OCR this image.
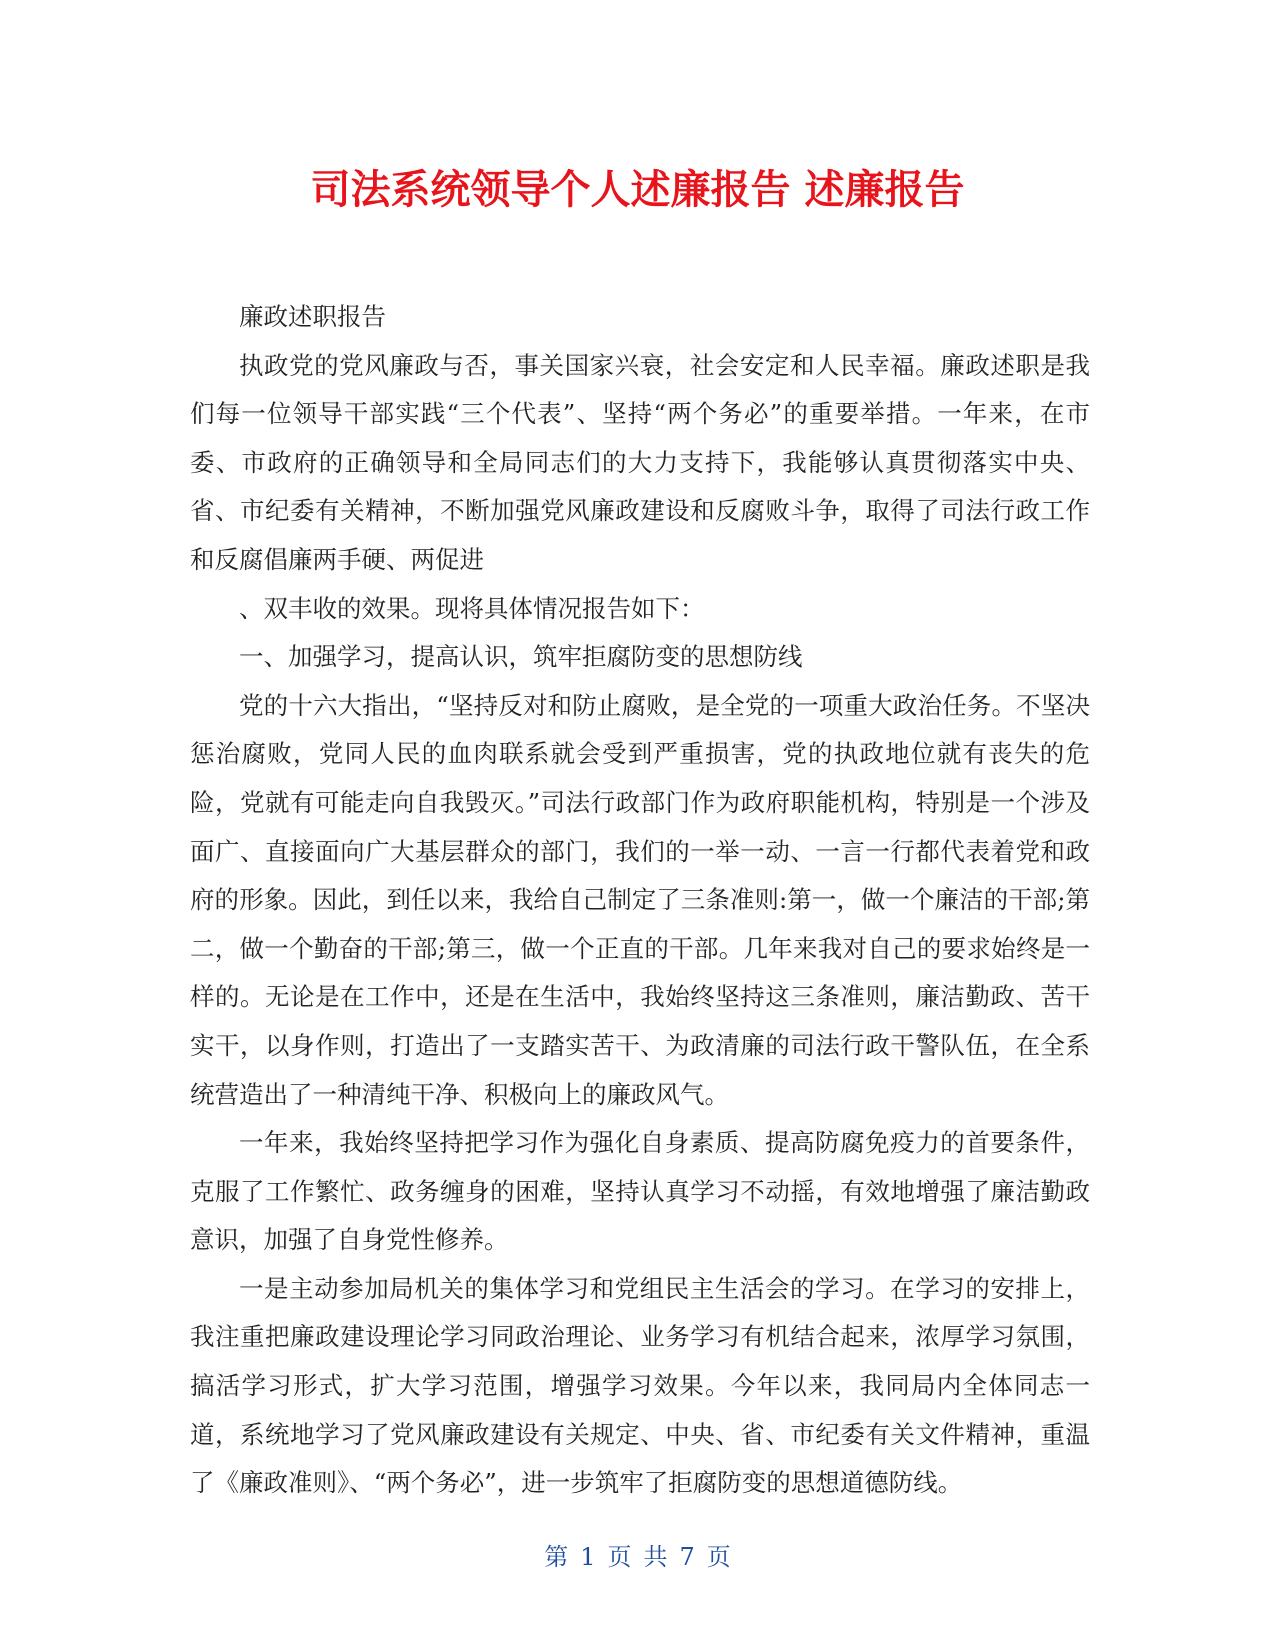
司法系统领导个人述廉报告 述廉报告

廉政述职报告

执政党的党风廉政与否，事关国家兴衰，社会安定和人民幸福。廉政述职是我们每一位领导干部实践“三个代表”、坚持“两个务必”的重要举措。一年来，在市委、市政府的正确领导和全局同志们的大力支持下，我能够认真贯彻落实中央、省、市纪委有关精神，不断加强党风廉政建设和反腐败斗争，取得了司法行政工作和反腐倡廉两手硬、两促进

、双丰收的效果。现将具体情况报告如下：

一、加强学习，提高认识，筑牢拒腐防变的思想防线

党的十六大指出，“坚持反对和防止腐败，是全党的一项重大政治任务。不坚决惩治腐败，党同人民的血肉联系就会受到严重损害，党的执政地位就有丧失的危险，党就有可能走向自我毁灭。”司法行政部门作为政府职能机构，特别是一个涉及面广、直接面向广大基层群众的部门，我们的一举一动、一言一行都代表着党和政府的形象。因此，到任以来，我给自己制定了三条准则:第一，做一个廉洁的干部;第二，做一个勤奋的干部;第三，做一个正直的干部。几年来我对自己的要求始终是一样的。无论是在工作中，还是在生活中，我始终坚持这三条准则，廉洁勤政、苦干实干，以身作则，打造出了一支踏实苦干、为政清廉的司法行政干警队伍，在全系统营造出了一种清纯干净、积极向上的廉政风气。

一年来，我始终坚持把学习作为强化自身素质、提高防腐免疫力的首要条件，克服了工作繁忙、政务缠身的困难，坚持认真学习不动摇，有效地增强了廉洁勤政意识，加强了自身党性修养。

一是主动参加局机关的集体学习和党组民主生活会的学习。在学习的安排上，我注重把廉政建设理论学习同政治理论、业务学习有机结合起来，浓厚学习氛围，搞活学习形式，扩大学习范围，增强学习效果。今年以来，我同局内全体同志一道，系统地学习了党风廉政建设有关规定、中央、省、市纪委有关文件精神，重温了《廉政准则》、“两个务必”，进一步筑牢了拒腐防变的思想道德防线。

第 1 页 共 7 页
